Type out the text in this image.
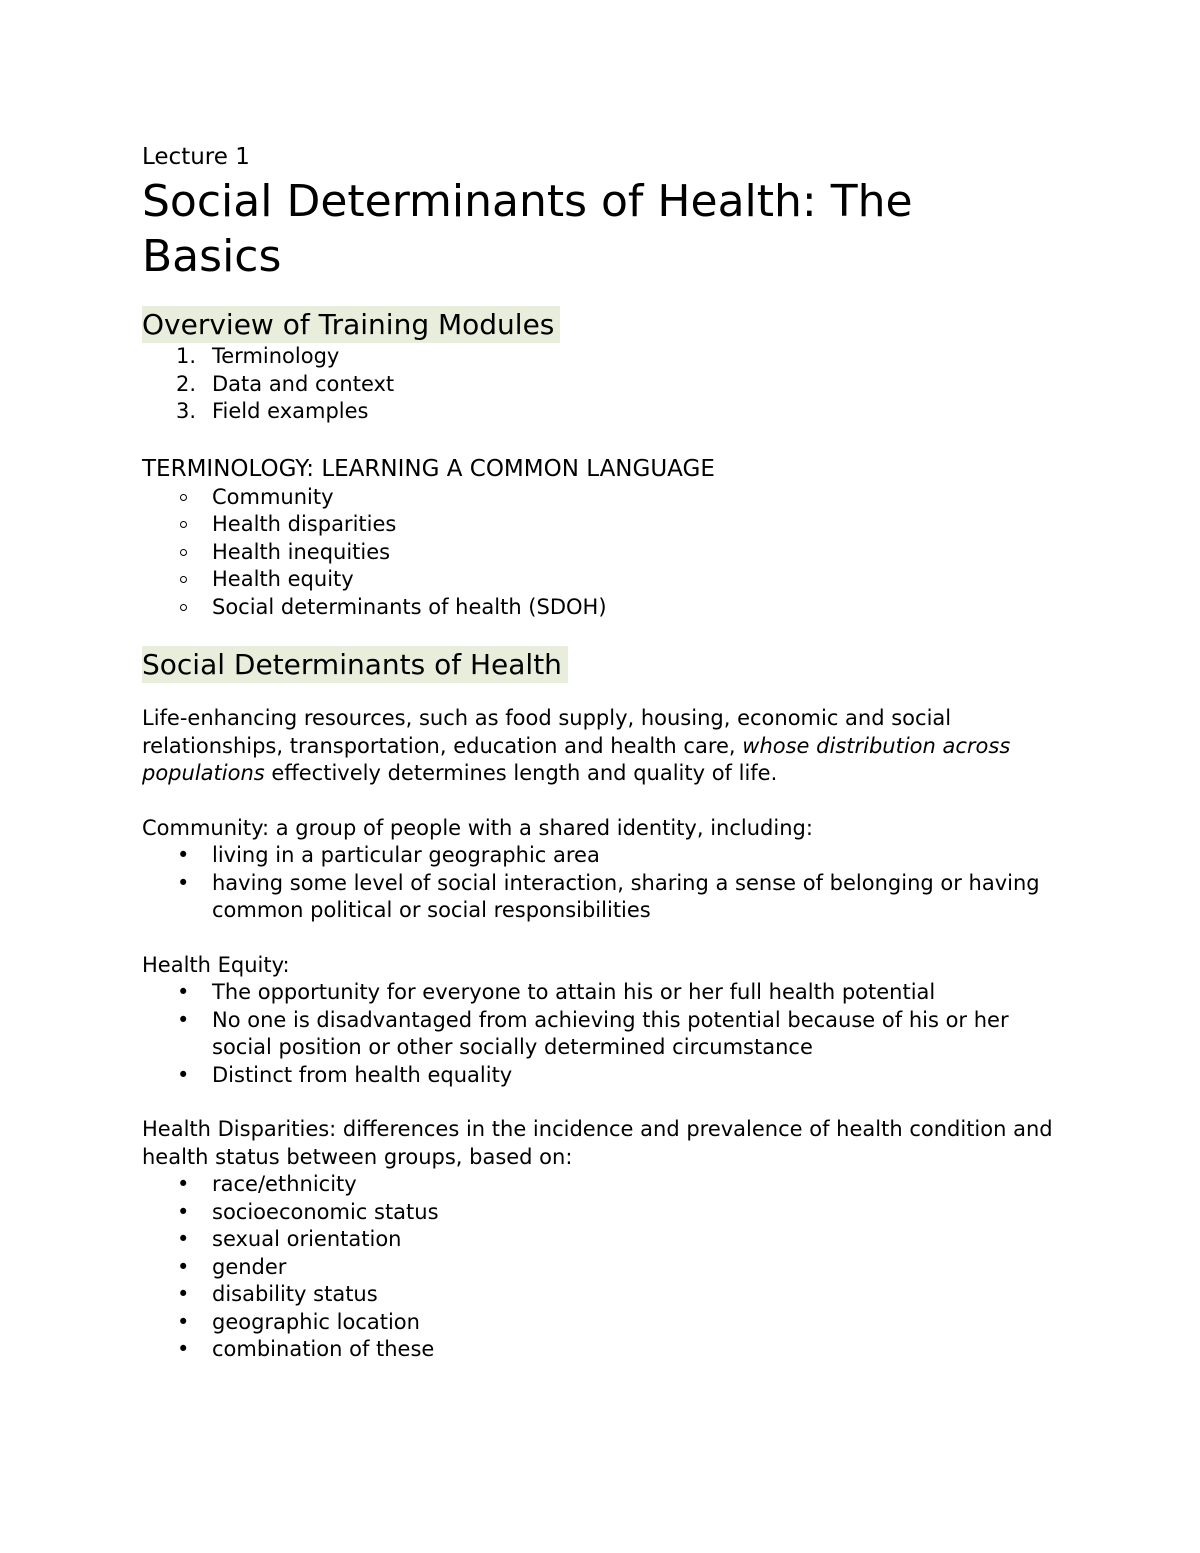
Lecture 1

Social Determinants of Health: The
Basics
Overview of Training Modules
1. Terminology
2. Data and context
3. Field examples

TERMINOLOGY: LEARNING A COMMON LANGUAGE

Community
Health disparities
Health inequities
Health equity
Social determinants of health (SDOH)
Social Determinants of Health

Life-enhancing resources, such as food supply, housing, economic and social relationships, transportation, education and health care, whose distribution across populations effectively determines length and quality of life.

Community: a group of people with a shared identity, including:

• living in a particular geographic area
• having some level of social interaction, sharing a sense of belonging or having common political or social responsibilities

Health Equity:

• The opportunity for everyone to attain his or her full health potential
• No one is disadvantaged from achieving this potential because of his or her social position or other socially determined circumstance
• Distinct from health equality

Health Disparities: differences in the incidence and prevalence of health condition and health status between groups, based on:

• race/ethnicity
• socioeconomic status
• sexual orientation
• gender
• disability status
• geographic location
• combination of these
